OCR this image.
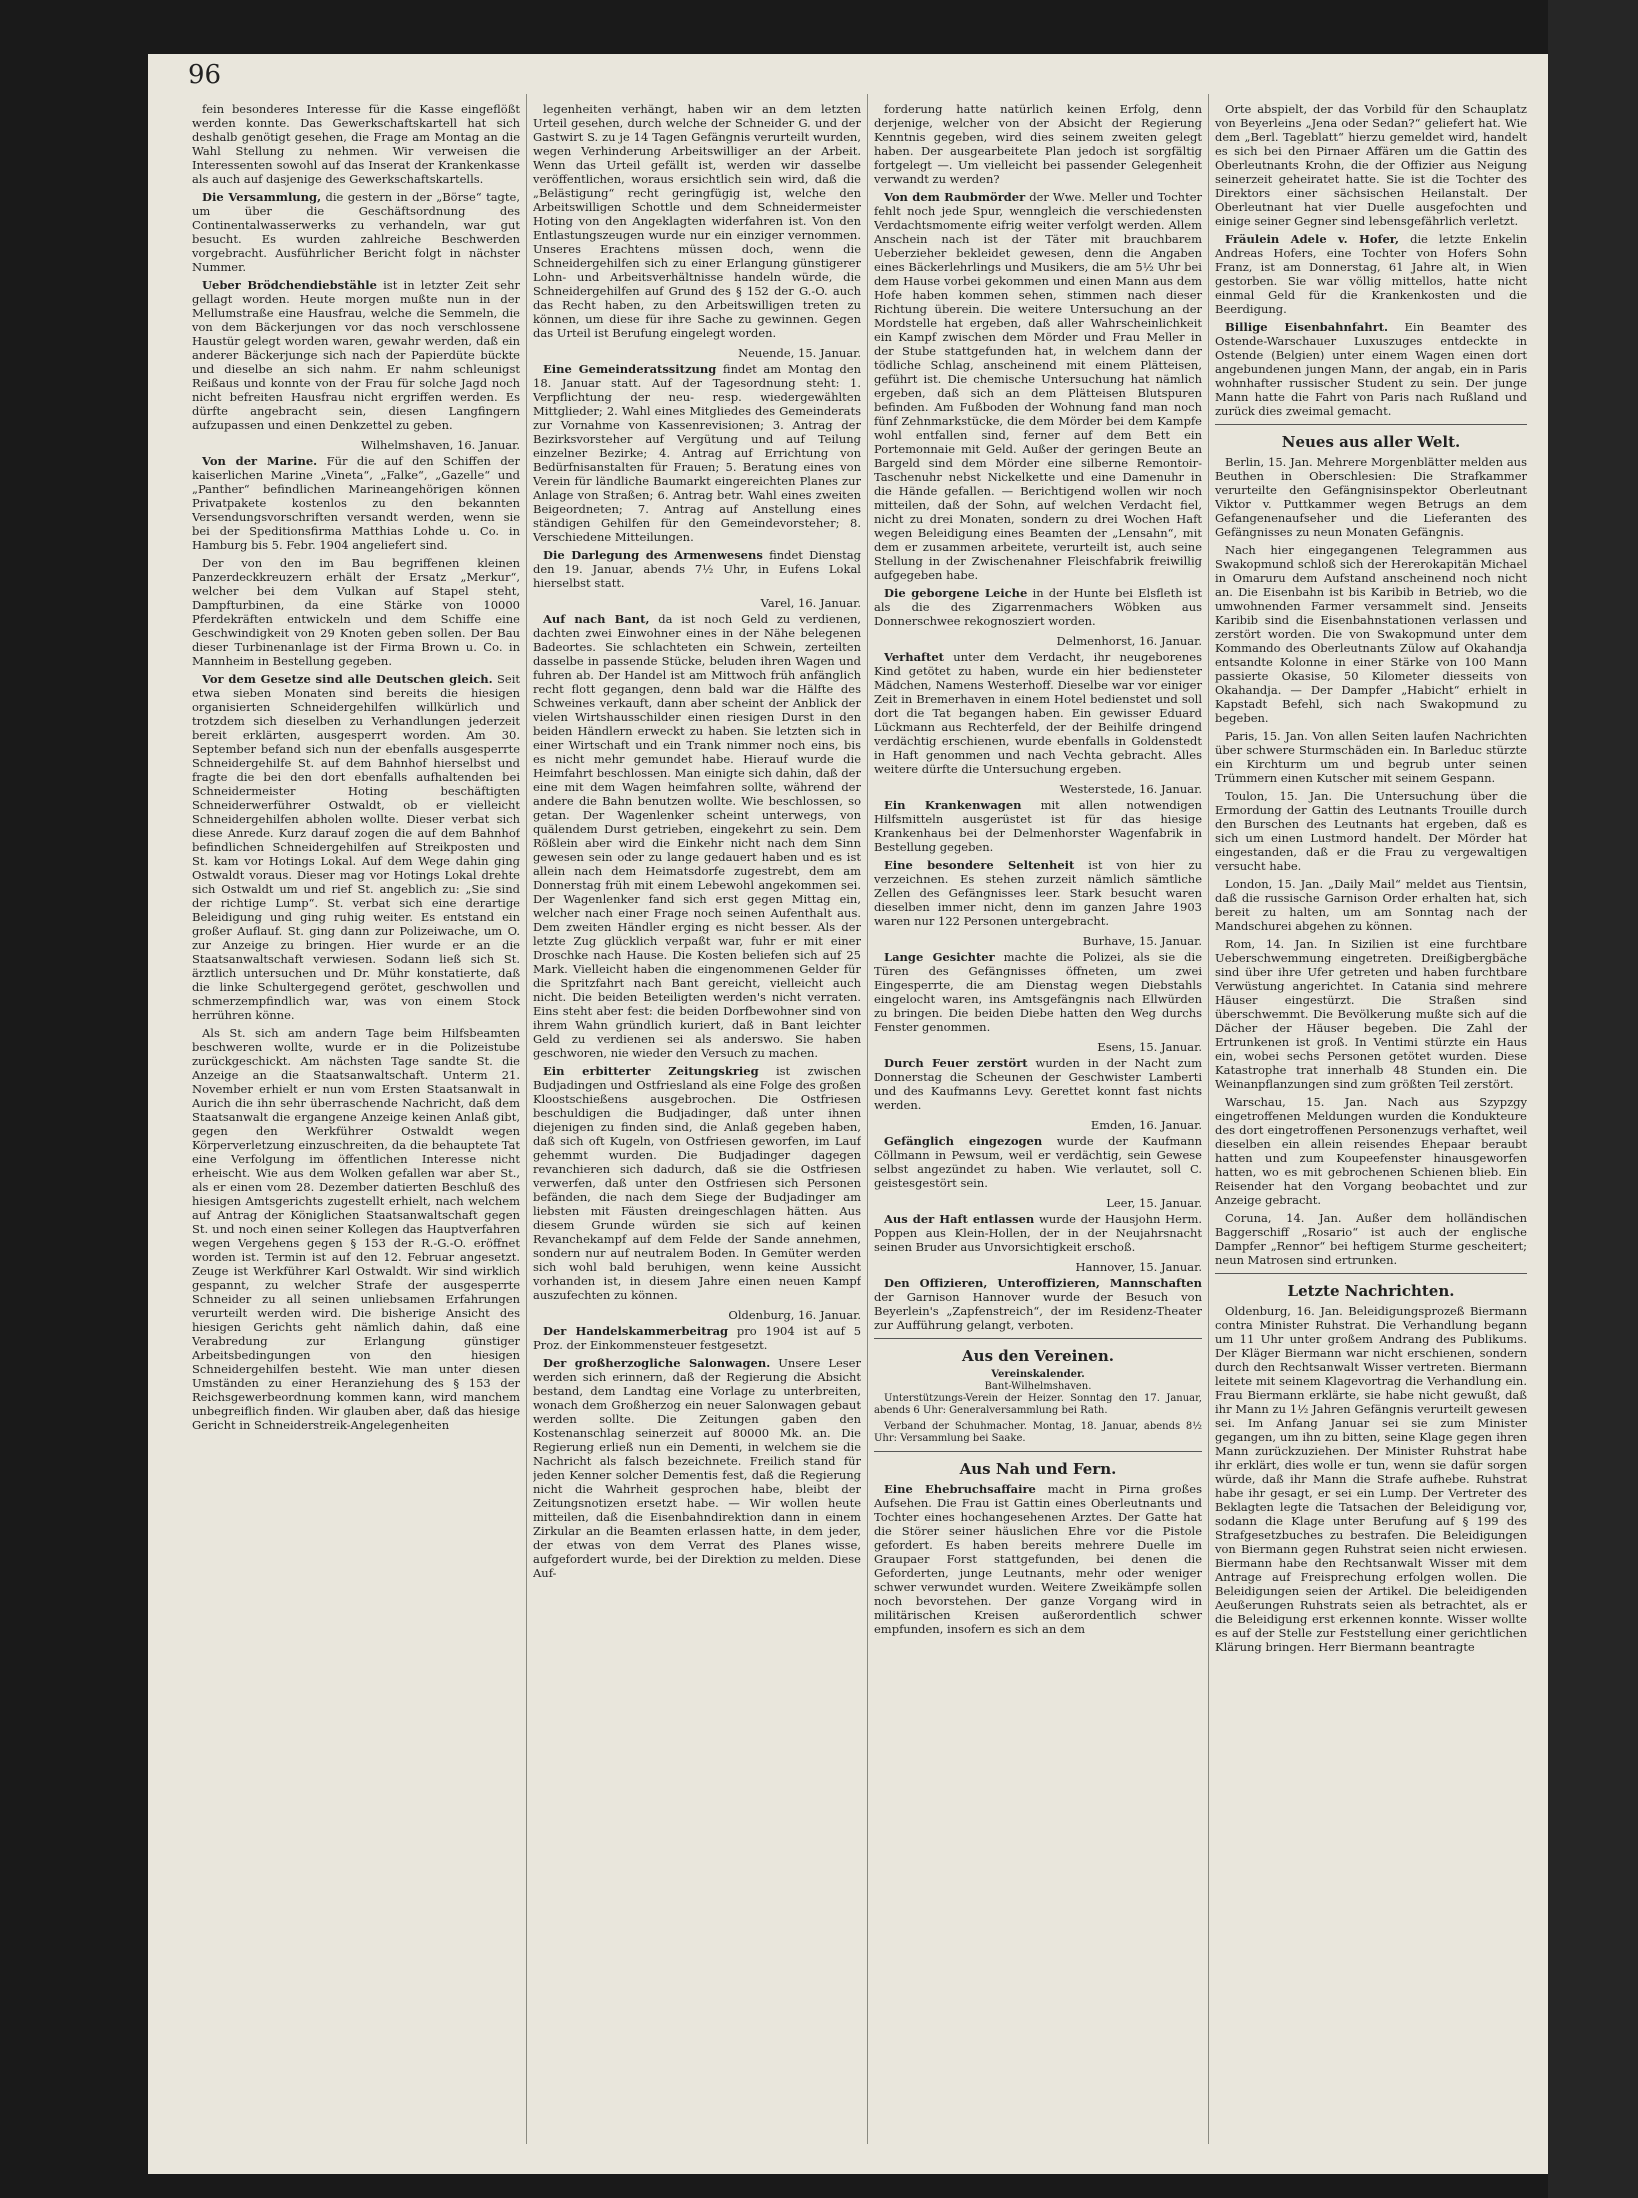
96

fein besonderes Interesse für die Kasse eingeflößt werden konnte. Das Gewerkschaftskartell hat sich deshalb genötigt gesehen, die Frage am Montag an die Wahl Stellung zu nehmen. Wir verweisen die Interessenten sowohl auf das Inserat der Krankenkasse als auch auf dasjenige des Gewerkschaftskartells.

Die Versammlung, die gestern in der „Börse“ tagte, um über die Geschäftsordnung des Continentalwasserwerks zu verhandeln, war gut besucht. Es wurden zahlreiche Beschwerden vorgebracht. Ausführlicher Bericht folgt in nächster Nummer.

Ueber Brödchendiebstähle ist in letzter Zeit sehr gellagt worden. Heute morgen mußte nun in der Mellumstraße eine Hausfrau, welche die Semmeln, die von dem Bäckerjungen vor das noch verschlossene Haustür gelegt worden waren, gewahr werden, daß ein anderer Bäckerjunge sich nach der Papierdüte bückte und dieselbe an sich nahm. Er nahm schleunigst Reißaus und konnte von der Frau für solche Jagd noch nicht befreiten Hausfrau nicht ergriffen werden. Es dürfte angebracht sein, diesen Langfingern aufzupassen und einen Denkzettel zu geben.

Wilhelmshaven, 16. Januar.

Von der Marine. Für die auf den Schiffen der kaiserlichen Marine „Vineta“, „Falke“, „Gazelle“ und „Panther“ befindlichen Marineangehörigen können Privatpakete kostenlos zu den bekannten Versendungsvorschriften versandt werden, wenn sie bei der Speditionsfirma Matthias Lohde u. Co. in Hamburg bis 5. Febr. 1904 angeliefert sind.

Der von den im Bau begriffenen kleinen Panzerdeckkreuzern erhält der Ersatz „Merkur“, welcher bei dem Vulkan auf Stapel steht, Dampfturbinen, da eine Stärke von 10000 Pferdekräften entwickeln und dem Schiffe eine Geschwindigkeit von 29 Knoten geben sollen. Der Bau dieser Turbinenanlage ist der Firma Brown u. Co. in Mannheim in Bestellung gegeben.

Vor dem Gesetze sind alle Deutschen gleich. Seit etwa sieben Monaten sind bereits die hiesigen organisierten Schneidergehilfen willkürlich und trotzdem sich dieselben zu Verhandlungen jederzeit bereit erklärten, ausgesperrt worden. Am 30. September befand sich nun der ebenfalls ausgesperrte Schneidergehilfe St. auf dem Bahnhof hierselbst und fragte die bei den dort ebenfalls aufhaltenden bei Schneidermeister Hoting beschäftigten Schneiderwerführer Ostwaldt, ob er vielleicht Schneidergehilfen abholen wollte. Dieser verbat sich diese Anrede. Kurz darauf zogen die auf dem Bahnhof befindlichen Schneidergehilfen auf Streikposten und St. kam vor Hotings Lokal. Auf dem Wege dahin ging Ostwaldt voraus. Dieser mag vor Hotings Lokal drehte sich Ostwaldt um und rief St. angeblich zu: „Sie sind der richtige Lump“. St. verbat sich eine derartige Beleidigung und ging ruhig weiter. Es entstand ein großer Auflauf. St. ging dann zur Polizeiwache, um O. zur Anzeige zu bringen. Hier wurde er an die Staatsanwaltschaft verwiesen. Sodann ließ sich St. ärztlich untersuchen und Dr. Mühr konstatierte, daß die linke Schultergegend gerötet, geschwollen und schmerzempfindlich war, was von einem Stock herrühren könne.

Als St. sich am andern Tage beim Hilfsbeamten beschweren wollte, wurde er in die Polizeistube zurückgeschickt. Am nächsten Tage sandte St. die Anzeige an die Staatsanwaltschaft. Unterm 21. November erhielt er nun vom Ersten Staatsanwalt in Aurich die ihn sehr überraschende Nachricht, daß dem Staatsanwalt die ergangene Anzeige keinen Anlaß gibt, gegen den Werkführer Ostwaldt wegen Körperverletzung einzuschreiten, da die behauptete Tat eine Verfolgung im öffentlichen Interesse nicht erheischt. Wie aus dem Wolken gefallen war aber St., als er einen vom 28. Dezember datierten Beschluß des hiesigen Amtsgerichts zugestellt erhielt, nach welchem auf Antrag der Königlichen Staatsanwaltschaft gegen St. und noch einen seiner Kollegen das Hauptverfahren wegen Vergehens gegen § 153 der R.-G.-O. eröffnet worden ist. Termin ist auf den 12. Februar angesetzt. Zeuge ist Werkführer Karl Ostwaldt. Wir sind wirklich gespannt, zu welcher Strafe der ausgesperrte Schneider zu all seinen unliebsamen Erfahrungen verurteilt werden wird. Die bisherige Ansicht des hiesigen Gerichts geht nämlich dahin, daß eine Verabredung zur Erlangung günstiger Arbeitsbedingungen von den hiesigen Schneidergehilfen besteht. Wie man unter diesen Umständen zu einer Heranziehung des § 153 der Reichsgewerbeordnung kommen kann, wird manchem unbegreiflich finden. Wir glauben aber, daß das hiesige Gericht in Schneiderstreik-Angelegenheiten

legenheiten verhängt, haben wir an dem letzten Urteil gesehen, durch welche der Schneider G. und der Gastwirt S. zu je 14 Tagen Gefängnis verurteilt wurden, wegen Verhinderung Arbeitswilliger an der Arbeit. Wenn das Urteil gefällt ist, werden wir dasselbe veröffentlichen, woraus ersichtlich sein wird, daß die „Belästigung“ recht geringfügig ist, welche den Arbeitswilligen Schottle und dem Schneidermeister Hoting von den Angeklagten widerfahren ist. Von den Entlastungszeugen wurde nur ein einziger vernommen. Unseres Erachtens müssen doch, wenn die Schneidergehilfen sich zu einer Erlangung günstigerer Lohn- und Arbeitsverhältnisse handeln würde, die Schneidergehilfen auf Grund des § 152 der G.-O. auch das Recht haben, zu den Arbeitswilligen treten zu können, um diese für ihre Sache zu gewinnen. Gegen das Urteil ist Berufung eingelegt worden.

Neuende, 15. Januar.

Eine Gemeinderatssitzung findet am Montag den 18. Januar statt. Auf der Tagesordnung steht: 1. Verpflichtung der neu- resp. wiedergewählten Mittglieder; 2. Wahl eines Mitgliedes des Gemeinderats zur Vornahme von Kassenrevisionen; 3. Antrag der Bezirksvorsteher auf Vergütung und auf Teilung einzelner Bezirke; 4. Antrag auf Errichtung von Bedürfnisanstalten für Frauen; 5. Beratung eines von Verein für ländliche Baumarkt eingereichten Planes zur Anlage von Straßen; 6. Antrag betr. Wahl eines zweiten Beigeordneten; 7. Antrag auf Anstellung eines ständigen Gehilfen für den Gemeindevorsteher; 8. Verschiedene Mitteilungen.

Die Darlegung des Armenwesens findet Dienstag den 19. Januar, abends 7½ Uhr, in Eufens Lokal hierselbst statt.

Varel, 16. Januar.

Auf nach Bant, da ist noch Geld zu verdienen, dachten zwei Einwohner eines in der Nähe belegenen Badeortes. Sie schlachteten ein Schwein, zerteilten dasselbe in passende Stücke, beluden ihren Wagen und fuhren ab. Der Handel ist am Mittwoch früh anfänglich recht flott gegangen, denn bald war die Hälfte des Schweines verkauft, dann aber scheint der Anblick der vielen Wirtshausschilder einen riesigen Durst in den beiden Händlern erweckt zu haben. Sie letzten sich in einer Wirtschaft und ein Trank nimmer noch eins, bis es nicht mehr gemundet habe. Hierauf wurde die Heimfahrt beschlossen. Man einigte sich dahin, daß der eine mit dem Wagen heimfahren sollte, während der andere die Bahn benutzen wollte. Wie beschlossen, so getan. Der Wagenlenker scheint unterwegs, von quälendem Durst getrieben, eingekehrt zu sein. Dem Rößlein aber wird die Einkehr nicht nach dem Sinn gewesen sein oder zu lange gedauert haben und es ist allein nach dem Heimatsdorfe zugestrebt, dem am Donnerstag früh mit einem Lebewohl angekommen sei. Der Wagenlenker fand sich erst gegen Mittag ein, welcher nach einer Frage noch seinen Aufenthalt aus. Dem zweiten Händler erging es nicht besser. Als der letzte Zug glücklich verpaßt war, fuhr er mit einer Droschke nach Hause. Die Kosten beliefen sich auf 25 Mark. Vielleicht haben die eingenommenen Gelder für die Spritzfahrt nach Bant gereicht, vielleicht auch nicht. Die beiden Beteiligten werden's nicht verraten. Eins steht aber fest: die beiden Dorfbewohner sind von ihrem Wahn gründlich kuriert, daß in Bant leichter Geld zu verdienen sei als anderswo. Sie haben geschworen, nie wieder den Versuch zu machen.

Ein erbitterter Zeitungskrieg ist zwischen Budjadingen und Ostfriesland als eine Folge des großen Kloostschießens ausgebrochen. Die Ostfriesen beschuldigen die Budjadinger, daß unter ihnen diejenigen zu finden sind, die Anlaß gegeben haben, daß sich oft Kugeln, von Ostfriesen geworfen, im Lauf gehemmt wurden. Die Budjadinger dagegen revanchieren sich dadurch, daß sie die Ostfriesen verwerfen, daß unter den Ostfriesen sich Personen befänden, die nach dem Siege der Budjadinger am liebsten mit Fäusten dreingeschlagen hätten. Aus diesem Grunde würden sie sich auf keinen Revanchekampf auf dem Felde der Sande annehmen, sondern nur auf neutralem Boden. In Gemüter werden sich wohl bald beruhigen, wenn keine Aussicht vorhanden ist, in diesem Jahre einen neuen Kampf auszufechten zu können.

Oldenburg, 16. Januar.

Der Handelskammerbeitrag pro 1904 ist auf 5 Proz. der Einkommensteuer festgesetzt.

Der großherzogliche Salonwagen. Unsere Leser werden sich erinnern, daß der Regierung die Absicht bestand, dem Landtag eine Vorlage zu unterbreiten, wonach dem Großherzog ein neuer Salonwagen gebaut werden sollte. Die Zeitungen gaben den Kostenanschlag seinerzeit auf 80000 Mk. an. Die Regierung erließ nun ein Dementi, in welchem sie die Nachricht als falsch bezeichnete. Freilich stand für jeden Kenner solcher Dementis fest, daß die Regierung nicht die Wahrheit gesprochen habe, bleibt der Zeitungsnotizen ersetzt habe. — Wir wollen heute mitteilen, daß die Eisenbahndirektion dann in einem Zirkular an die Beamten erlassen hatte, in dem jeder, der etwas von dem Verrat des Planes wisse, aufgefordert wurde, bei der Direktion zu melden. Diese Auf-

forderung hatte natürlich keinen Erfolg, denn derjenige, welcher von der Absicht der Regierung Kenntnis gegeben, wird dies seinem zweiten gelegt haben. Der ausgearbeitete Plan jedoch ist sorgfältig fortgelegt —. Um vielleicht bei passender Gelegenheit verwandt zu werden?

Von dem Raubmörder der Wwe. Meller und Tochter fehlt noch jede Spur, wenngleich die verschiedensten Verdachtsmomente eifrig weiter verfolgt werden. Allem Anschein nach ist der Täter mit brauchbarem Ueberzieher bekleidet gewesen, denn die Angaben eines Bäckerlehrlings und Musikers, die am 5½ Uhr bei dem Hause vorbei gekommen und einen Mann aus dem Hofe haben kommen sehen, stimmen nach dieser Richtung überein. Die weitere Untersuchung an der Mordstelle hat ergeben, daß aller Wahrscheinlichkeit ein Kampf zwischen dem Mörder und Frau Meller in der Stube stattgefunden hat, in welchem dann der tödliche Schlag, anscheinend mit einem Plätteisen, geführt ist. Die chemische Untersuchung hat nämlich ergeben, daß sich an dem Plätteisen Blutspuren befinden. Am Fußboden der Wohnung fand man noch fünf Zehnmarkstücke, die dem Mörder bei dem Kampfe wohl entfallen sind, ferner auf dem Bett ein Portemonnaie mit Geld. Außer der geringen Beute an Bargeld sind dem Mörder eine silberne Remontoir-Taschenuhr nebst Nickelkette und eine Damenuhr in die Hände gefallen. — Berichtigend wollen wir noch mitteilen, daß der Sohn, auf welchen Verdacht fiel, nicht zu drei Monaten, sondern zu drei Wochen Haft wegen Beleidigung eines Beamten der „Lensahn“, mit dem er zusammen arbeitete, verurteilt ist, auch seine Stellung in der Zwischenahner Fleischfabrik freiwillig aufgegeben habe.

Die geborgene Leiche in der Hunte bei Elsfleth ist als die des Zigarrenmachers Wöbken aus Donnerschwee rekognosziert worden.

Delmenhorst, 16. Januar.

Verhaftet unter dem Verdacht, ihr neugeborenes Kind getötet zu haben, wurde ein hier bediensteter Mädchen, Namens Westerhoff. Dieselbe war vor einiger Zeit in Bremerhaven in einem Hotel bedienstet und soll dort die Tat begangen haben. Ein gewisser Eduard Lückmann aus Rechterfeld, der der Beihilfe dringend verdächtig erschienen, wurde ebenfalls in Goldenstedt in Haft genommen und nach Vechta gebracht. Alles weitere dürfte die Untersuchung ergeben.

Westerstede, 16. Januar.

Ein Krankenwagen mit allen notwendigen Hilfsmitteln ausgerüstet ist für das hiesige Krankenhaus bei der Delmenhorster Wagenfabrik in Bestellung gegeben.

Eine besondere Seltenheit ist von hier zu verzeichnen. Es stehen zurzeit nämlich sämtliche Zellen des Gefängnisses leer. Stark besucht waren dieselben immer nicht, denn im ganzen Jahre 1903 waren nur 122 Personen untergebracht.

Burhave, 15. Januar.

Lange Gesichter machte die Polizei, als sie die Türen des Gefängnisses öffneten, um zwei Eingesperrte, die am Dienstag wegen Diebstahls eingelocht waren, ins Amtsgefängnis nach Ellwürden zu bringen. Die beiden Diebe hatten den Weg durchs Fenster genommen.

Esens, 15. Januar.

Durch Feuer zerstört wurden in der Nacht zum Donnerstag die Scheunen der Geschwister Lamberti und des Kaufmanns Levy. Gerettet konnt fast nichts werden.

Emden, 16. Januar.

Gefänglich eingezogen wurde der Kaufmann Cöllmann in Pewsum, weil er verdächtig, sein Gewese selbst angezündet zu haben. Wie verlautet, soll C. geistesgestört sein.

Leer, 15. Januar.

Aus der Haft entlassen wurde der Hausjohn Herm. Poppen aus Klein-Hollen, der in der Neujahrsnacht seinen Bruder aus Unvorsichtigkeit erschoß.

Hannover, 15. Januar.

Den Offizieren, Unteroffizieren, Mannschaften der Garnison Hannover wurde der Besuch von Beyerlein's „Zapfenstreich“, der im Residenz-Theater zur Aufführung gelangt, verboten.

Aus den Vereinen.
Vereinskalender.
Bant-Wilhelmshaven.

Unterstützungs-Verein der Heizer. Sonntag den 17. Januar, abends 6 Uhr: Generalversammlung bei Rath.

Verband der Schuhmacher. Montag, 18. Januar, abends 8½ Uhr: Versammlung bei Saake.

Aus Nah und Fern.

Eine Ehebruchsaffaire macht in Pirna großes Aufsehen. Die Frau ist Gattin eines Oberleutnants und Tochter eines hochangesehenen Arztes. Der Gatte hat die Störer seiner häuslichen Ehre vor die Pistole gefordert. Es haben bereits mehrere Duelle im Graupaer Forst stattgefunden, bei denen die Geforderten, junge Leutnants, mehr oder weniger schwer verwundet wurden. Weitere Zweikämpfe sollen noch bevorstehen. Der ganze Vorgang wird in militärischen Kreisen außerordentlich schwer empfunden, insofern es sich an dem

Orte abspielt, der das Vorbild für den Schauplatz von Beyerleins „Jena oder Sedan?“ geliefert hat. Wie dem „Berl. Tageblatt“ hierzu gemeldet wird, handelt es sich bei den Pirnaer Affären um die Gattin des Oberleutnants Krohn, die der Offizier aus Neigung seinerzeit geheiratet hatte. Sie ist die Tochter des Direktors einer sächsischen Heilanstalt. Der Oberleutnant hat vier Duelle ausgefochten und einige seiner Gegner sind lebensgefährlich verletzt.

Fräulein Adele v. Hofer, die letzte Enkelin Andreas Hofers, eine Tochter von Hofers Sohn Franz, ist am Donnerstag, 61 Jahre alt, in Wien gestorben. Sie war völlig mittellos, hatte nicht einmal Geld für die Krankenkosten und die Beerdigung.

Billige Eisenbahnfahrt. Ein Beamter des Ostende-Warschauer Luxuszuges entdeckte in Ostende (Belgien) unter einem Wagen einen dort angebundenen jungen Mann, der angab, ein in Paris wohnhafter russischer Student zu sein. Der junge Mann hatte die Fahrt von Paris nach Rußland und zurück dies zweimal gemacht.

Neues aus aller Welt.

Berlin, 15. Jan. Mehrere Morgenblätter melden aus Beuthen in Oberschlesien: Die Strafkammer verurteilte den Gefängnisinspektor Oberleutnant Viktor v. Puttkammer wegen Betrugs an dem Gefangenenaufseher und die Lieferanten des Gefängnisses zu neun Monaten Gefängnis.

Nach hier eingegangenen Telegrammen aus Swakopmund schloß sich der Hererokapitän Michael in Omaruru dem Aufstand anscheinend noch nicht an. Die Eisenbahn ist bis Karibib in Betrieb, wo die umwohnenden Farmer versammelt sind. Jenseits Karibib sind die Eisenbahnstationen verlassen und zerstört worden. Die von Swakopmund unter dem Kommando des Oberleutnants Zülow auf Okahandja entsandte Kolonne in einer Stärke von 100 Mann passierte Okasise, 50 Kilometer diesseits von Okahandja. — Der Dampfer „Habicht“ erhielt in Kapstadt Befehl, sich nach Swakopmund zu begeben.

Paris, 15. Jan. Von allen Seiten laufen Nachrichten über schwere Sturmschäden ein. In Barleduc stürzte ein Kirchturm um und begrub unter seinen Trümmern einen Kutscher mit seinem Gespann.

Toulon, 15. Jan. Die Untersuchung über die Ermordung der Gattin des Leutnants Trouille durch den Burschen des Leutnants hat ergeben, daß es sich um einen Lustmord handelt. Der Mörder hat eingestanden, daß er die Frau zu vergewaltigen versucht habe.

London, 15. Jan. „Daily Mail“ meldet aus Tientsin, daß die russische Garnison Order erhalten hat, sich bereit zu halten, um am Sonntag nach der Mandschurei abgehen zu können.

Rom, 14. Jan. In Sizilien ist eine furchtbare Ueberschwemmung eingetreten. Dreißigbergbäche sind über ihre Ufer getreten und haben furchtbare Verwüstung angerichtet. In Catania sind mehrere Häuser eingestürzt. Die Straßen sind überschwemmt. Die Bevölkerung mußte sich auf die Dächer der Häuser begeben. Die Zahl der Ertrunkenen ist groß. In Ventimi stürzte ein Haus ein, wobei sechs Personen getötet wurden. Diese Katastrophe trat innerhalb 48 Stunden ein. Die Weinanpflanzungen sind zum größten Teil zerstört.

Warschau, 15. Jan. Nach aus Szypzgy eingetroffenen Meldungen wurden die Kondukteure des dort eingetroffenen Personenzugs verhaftet, weil dieselben ein allein reisendes Ehepaar beraubt hatten und zum Koupeefenster hinausgeworfen hatten, wo es mit gebrochenen Schienen blieb. Ein Reisender hat den Vorgang beobachtet und zur Anzeige gebracht.

Coruna, 14. Jan. Außer dem holländischen Baggerschiff „Rosario“ ist auch der englische Dampfer „Rennor“ bei heftigem Sturme gescheitert; neun Matrosen sind ertrunken.

Letzte Nachrichten.

Oldenburg, 16. Jan. Beleidigungsprozeß Biermann contra Minister Ruhstrat. Die Verhandlung begann um 11 Uhr unter großem Andrang des Publikums. Der Kläger Biermann war nicht erschienen, sondern durch den Rechtsanwalt Wisser vertreten. Biermann leitete mit seinem Klagevortrag die Verhandlung ein. Frau Biermann erklärte, sie habe nicht gewußt, daß ihr Mann zu 1½ Jahren Gefängnis verurteilt gewesen sei. Im Anfang Januar sei sie zum Minister gegangen, um ihn zu bitten, seine Klage gegen ihren Mann zurückzuziehen. Der Minister Ruhstrat habe ihr erklärt, dies wolle er tun, wenn sie dafür sorgen würde, daß ihr Mann die Strafe aufhebe. Ruhstrat habe ihr gesagt, er sei ein Lump. Der Vertreter des Beklagten legte die Tatsachen der Beleidigung vor, sodann die Klage unter Berufung auf § 199 des Strafgesetzbuches zu bestrafen. Die Beleidigungen von Biermann gegen Ruhstrat seien nicht erwiesen. Biermann habe den Rechtsanwalt Wisser mit dem Antrage auf Freisprechung erfolgen wollen. Die Beleidigungen seien der Artikel. Die beleidigenden Aeußerungen Ruhstrats seien als betrachtet, als er die Beleidigung erst erkennen konnte. Wisser wollte es auf der Stelle zur Feststellung einer gerichtlichen Klärung bringen. Herr Biermann beantragte
